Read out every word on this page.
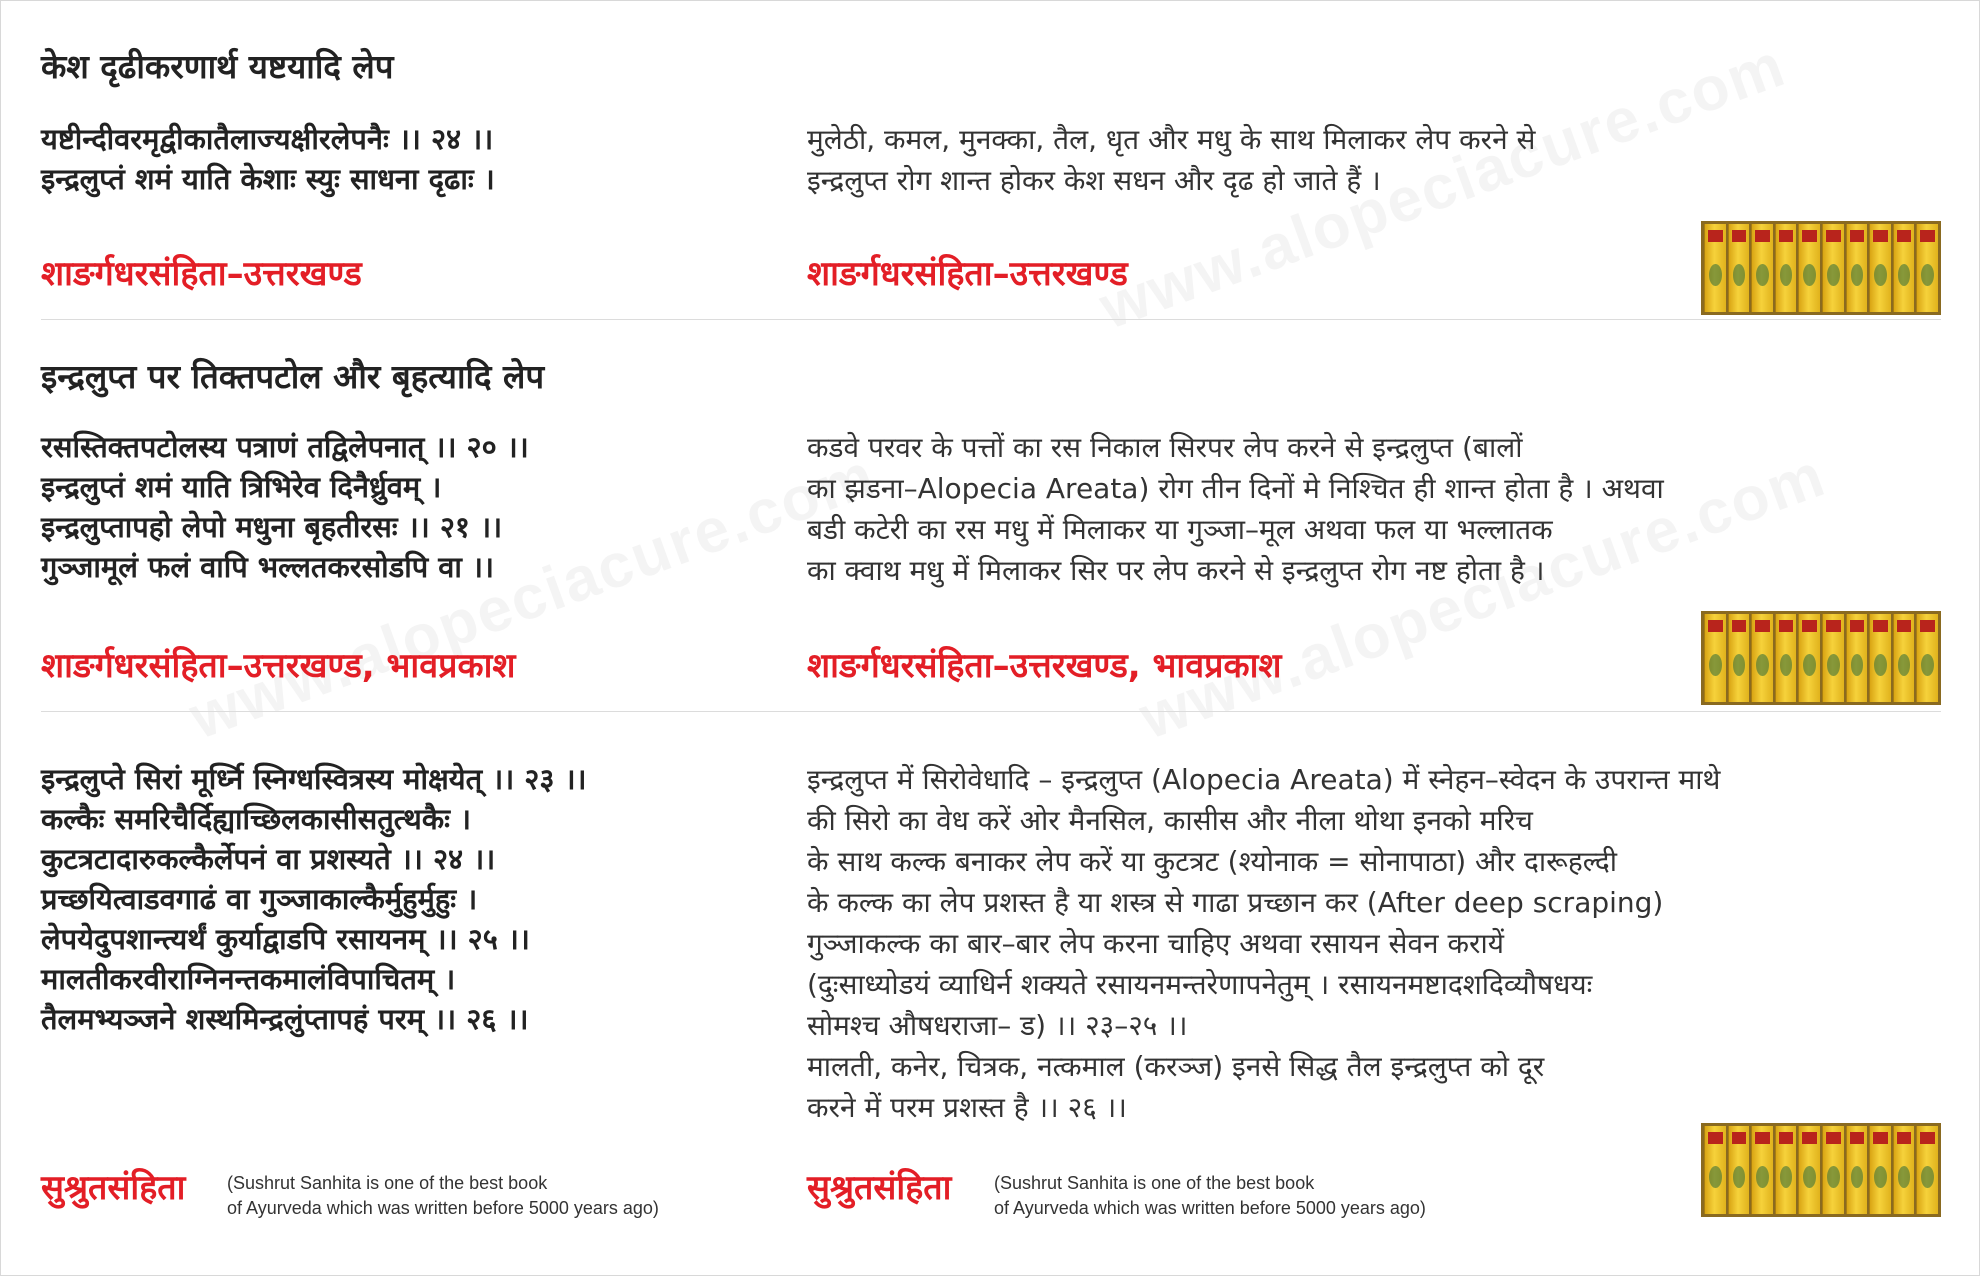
केश दृढीकरणार्थ यष्टयादि लेप
यष्टीन्दीवरमृद्वीकातैलाज्यक्षीरलेपनैः ।। २४ ।।
इन्द्रलुप्तं शमं याति केशाः स्युः साधना दृढाः ।
मुलेठी, कमल, मुनक्का, तैल, धृत और मधु के साथ मिलाकर लेप करने से
इन्द्रलुप्त रोग शान्त होकर केश सधन और दृढ हो जाते हैं ।
शाङर्गधरसंहिता–उत्तरखण्ड	शाङर्गधरसंहिता–उत्तरखण्ड
इन्द्रलुप्त पर तिक्तपटोल और बृहत्यादि लेप
रसस्तिक्तपटोलस्य पत्राणं तद्विलेपनात् ।। २० ।।
इन्द्रलुप्तं शमं याति त्रिभिरेव दिनैर्ध्रुवम् ।
इन्द्रलुप्तापहो लेपो मधुना बृहतीरसः ।। २१ ।।
गुञ्जामूलं फलं वापि भल्लतकरसोडपि वा ।।
कडवे परवर के पत्तों का रस निकाल सिरपर लेप करने से इन्द्रलुप्त (बालों
का झडना–Alopecia Areata) रोग तीन दिनों मे निश्चित ही शान्त होता है । अथवा
बडी कटेरी का रस मधु में मिलाकर या गुञ्जा–मूल अथवा फल या भल्लातक
का क्वाथ मधु में मिलाकर सिर पर लेप करने से इन्द्रलुप्त रोग नष्ट होता है ।
शाङर्गधरसंहिता–उत्तरखण्ड, भावप्रकाश	शाङर्गधरसंहिता–उत्तरखण्ड, भावप्रकाश
इन्द्रलुप्ते सिरां मूर्ध्नि स्निग्धस्वित्रस्य मोक्षयेत् ।। २३ ।।
कल्कैः समरिचैर्दिह्याच्छिलकासीसतुत्थकैः ।
कुटत्रटादारुकल्कैर्लेपनं वा प्रशस्यते ।। २४ ।।
प्रच्छयित्वाडवगाढं वा गुञ्जाकाल्कैर्मुहुर्मुहुः ।
लेपयेदुपशान्त्यर्थं कुर्याद्वाडपि रसायनम् ।। २५ ।।
मालतीकरवीराग्निनन्तकमालंविपाचितम् ।
तैलमभ्यञ्जने शस्थमिन्द्रलुंप्तापहं परम् ।। २६ ।।
इन्द्रलुप्त में सिरोवेधादि – इन्द्रलुप्त (Alopecia Areata) में स्नेहन–स्वेदन के उपरान्त माथे
की सिरो का वेध करें ओर मैनसिल, कासीस और नीला थोथा इनको मरिच
के साथ कल्क बनाकर लेप करें या कुटत्रट (श्योनाक = सोनापाठा) और दारूहल्दी
के कल्क का लेप प्रशस्त है या शस्त्र से गाढा प्रच्छान कर (After deep scraping)
गुञ्जाकल्क का बार–बार लेप करना चाहिए अथवा रसायन सेवन करायें
(दुःसाध्योडयं व्याधिर्न शक्यते रसायनमन्तरेणापनेतुम् । रसायनमष्टादशदिव्यौषधयः
सोमश्च औषधराजा– ड) ।। २३–२५ ।।
मालती, कनेर, चित्रक, नत्कमाल (करञ्ज) इनसे सिद्ध तैल इन्द्रलुप्त को दूर
करने में परम प्रशस्त है ।। २६ ।।
सुश्रुतसंहिता (Sushrut Sanhita is one of the best book
of Ayurveda which was written before 5000 years ago)	सुश्रुतसंहिता (Sushrut Sanhita is one of the best book
of Ayurveda which was written before 5000 years ago)
